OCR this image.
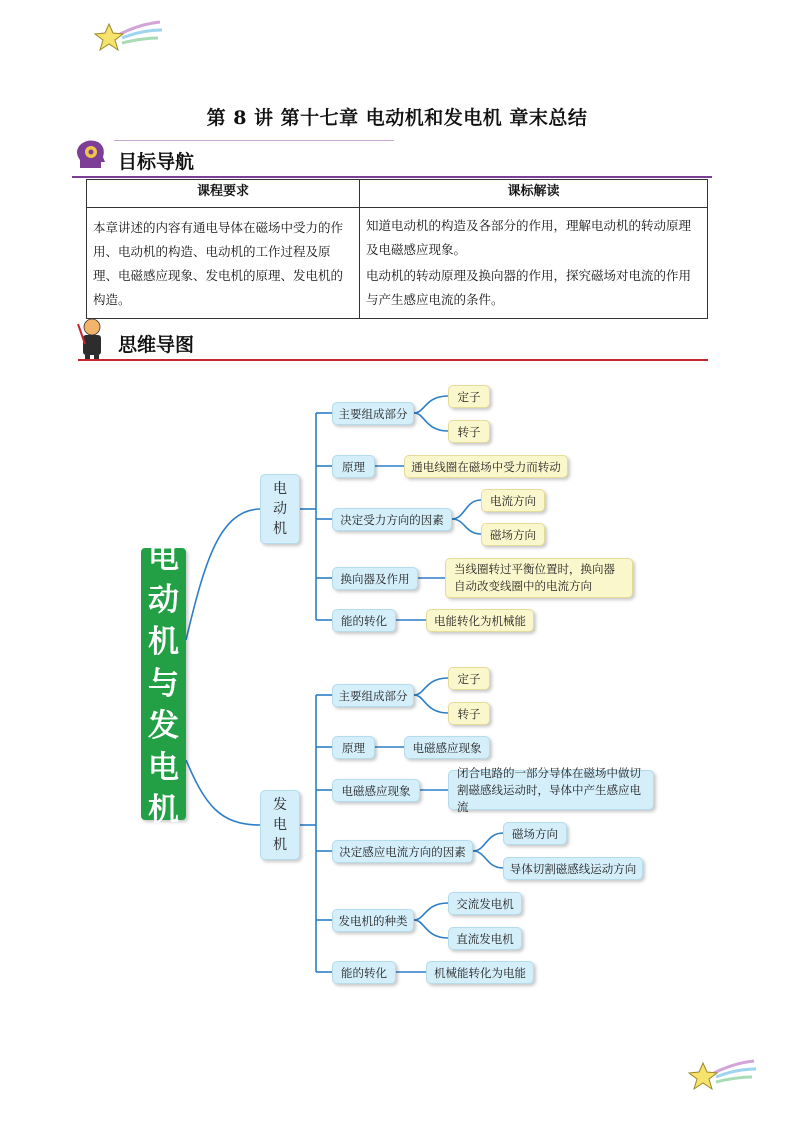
第 8 讲 第十七章 电动机和发电机 章末总结
目标导航
课程要求	课标解读
本章讲述的内容有通电导体在磁场中受力的作用、电动机的构造、电动机的工作过程及原理、电磁感应现象、发电机的原理、发电机的构造。	知道电动机的构造及各部分的作用，理解电动机的转动原理及电磁感应现象。

电动机的转动原理及换向器的作用，探究磁场对电流的作用与产生感应电流的条件。

思维导图
电
动
机
与
发
电
机
电
动
机
主要组成部分
定子
转子
原理	通电线圈在磁场中受力而转动
决定受力方向的因素
电流方向
磁场方向
换向器及作用
当线圈转过平衡位置时，换向器自动改变线圈中的电流方向
能的转化	电能转化为机械能
发
电
机
主要组成部分
定子
转子
原理	电磁感应现象
电磁感应现象
闭合电路的一部分导体在磁场中做切割磁感线运动时，导体中产生感应电流
决定感应电流方向的因素
磁场方向
导体切割磁感线运动方向
发电机的种类
交流发电机
直流发电机
能的转化	机械能转化为电能
